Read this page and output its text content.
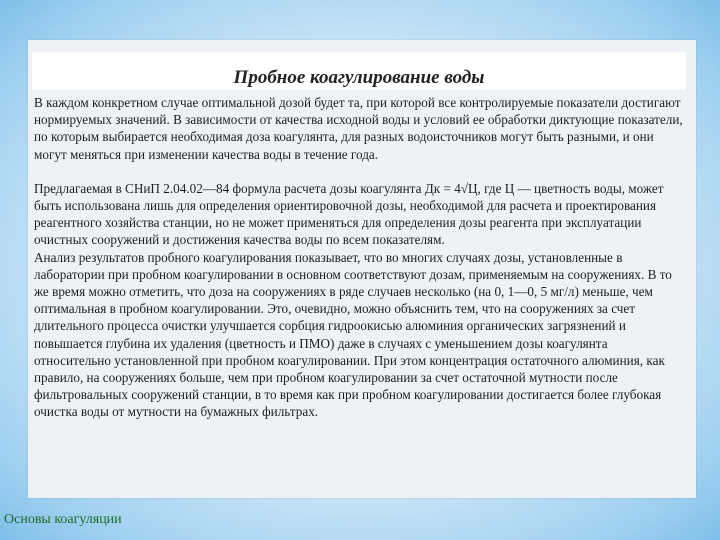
Пробное коагулирование воды

В каждом конкретном случае оптимальной дозой будет та, при которой все контролируемые показатели достигают нормируемых значений. В зависимости от качества исходной воды и условий ее обработки диктующие показатели, по которым выбирается необходимая доза коагулянта, для разных водоисточников могут быть разными, и они могут меняться при изменении качества воды в течение года.

Предлагаемая в СНиП 2.04.02—84 формула расчета дозы коагулянта Дк = 4√Ц, где Ц — цветность воды, может быть использована лишь для определения ориентировочной дозы, необходимой для расчета и проектирования реагентного хозяйства станции, но не может применяться для определения дозы реагента при эксплуатации очистных сооружений и достижения качества воды по всем показателям.

Анализ результатов пробного коагулирования показывает, что во многих случаях дозы, установленные в лаборатории при пробном коагулировании в основном соответствуют дозам, применяемым на сооружениях. В то же время можно отметить, что доза на сооружениях в ряде случаев несколько (на 0, 1—0, 5 мг/л) меньше, чем оптимальная в пробном коагулировании. Это, очевидно, можно объяснить тем, что на сооружениях за счет длительного процесса очистки улучшается сорбция гидроокисью алюминия органических загрязнений и повышается глубина их удаления (цветность и ПМО) даже в случаях с уменьшением дозы коагулянта относительно установленной при пробном коагулировании. При этом концентрация остаточного алюминия, как правило, на сооружениях больше, чем при пробном коагулировании за счет остаточной мутности после фильтровальных сооружений станции, в то время как при пробном коагулировании достигается более глубокая очистка воды от мутности на бумажных фильтрах.

Основы коагуляции
